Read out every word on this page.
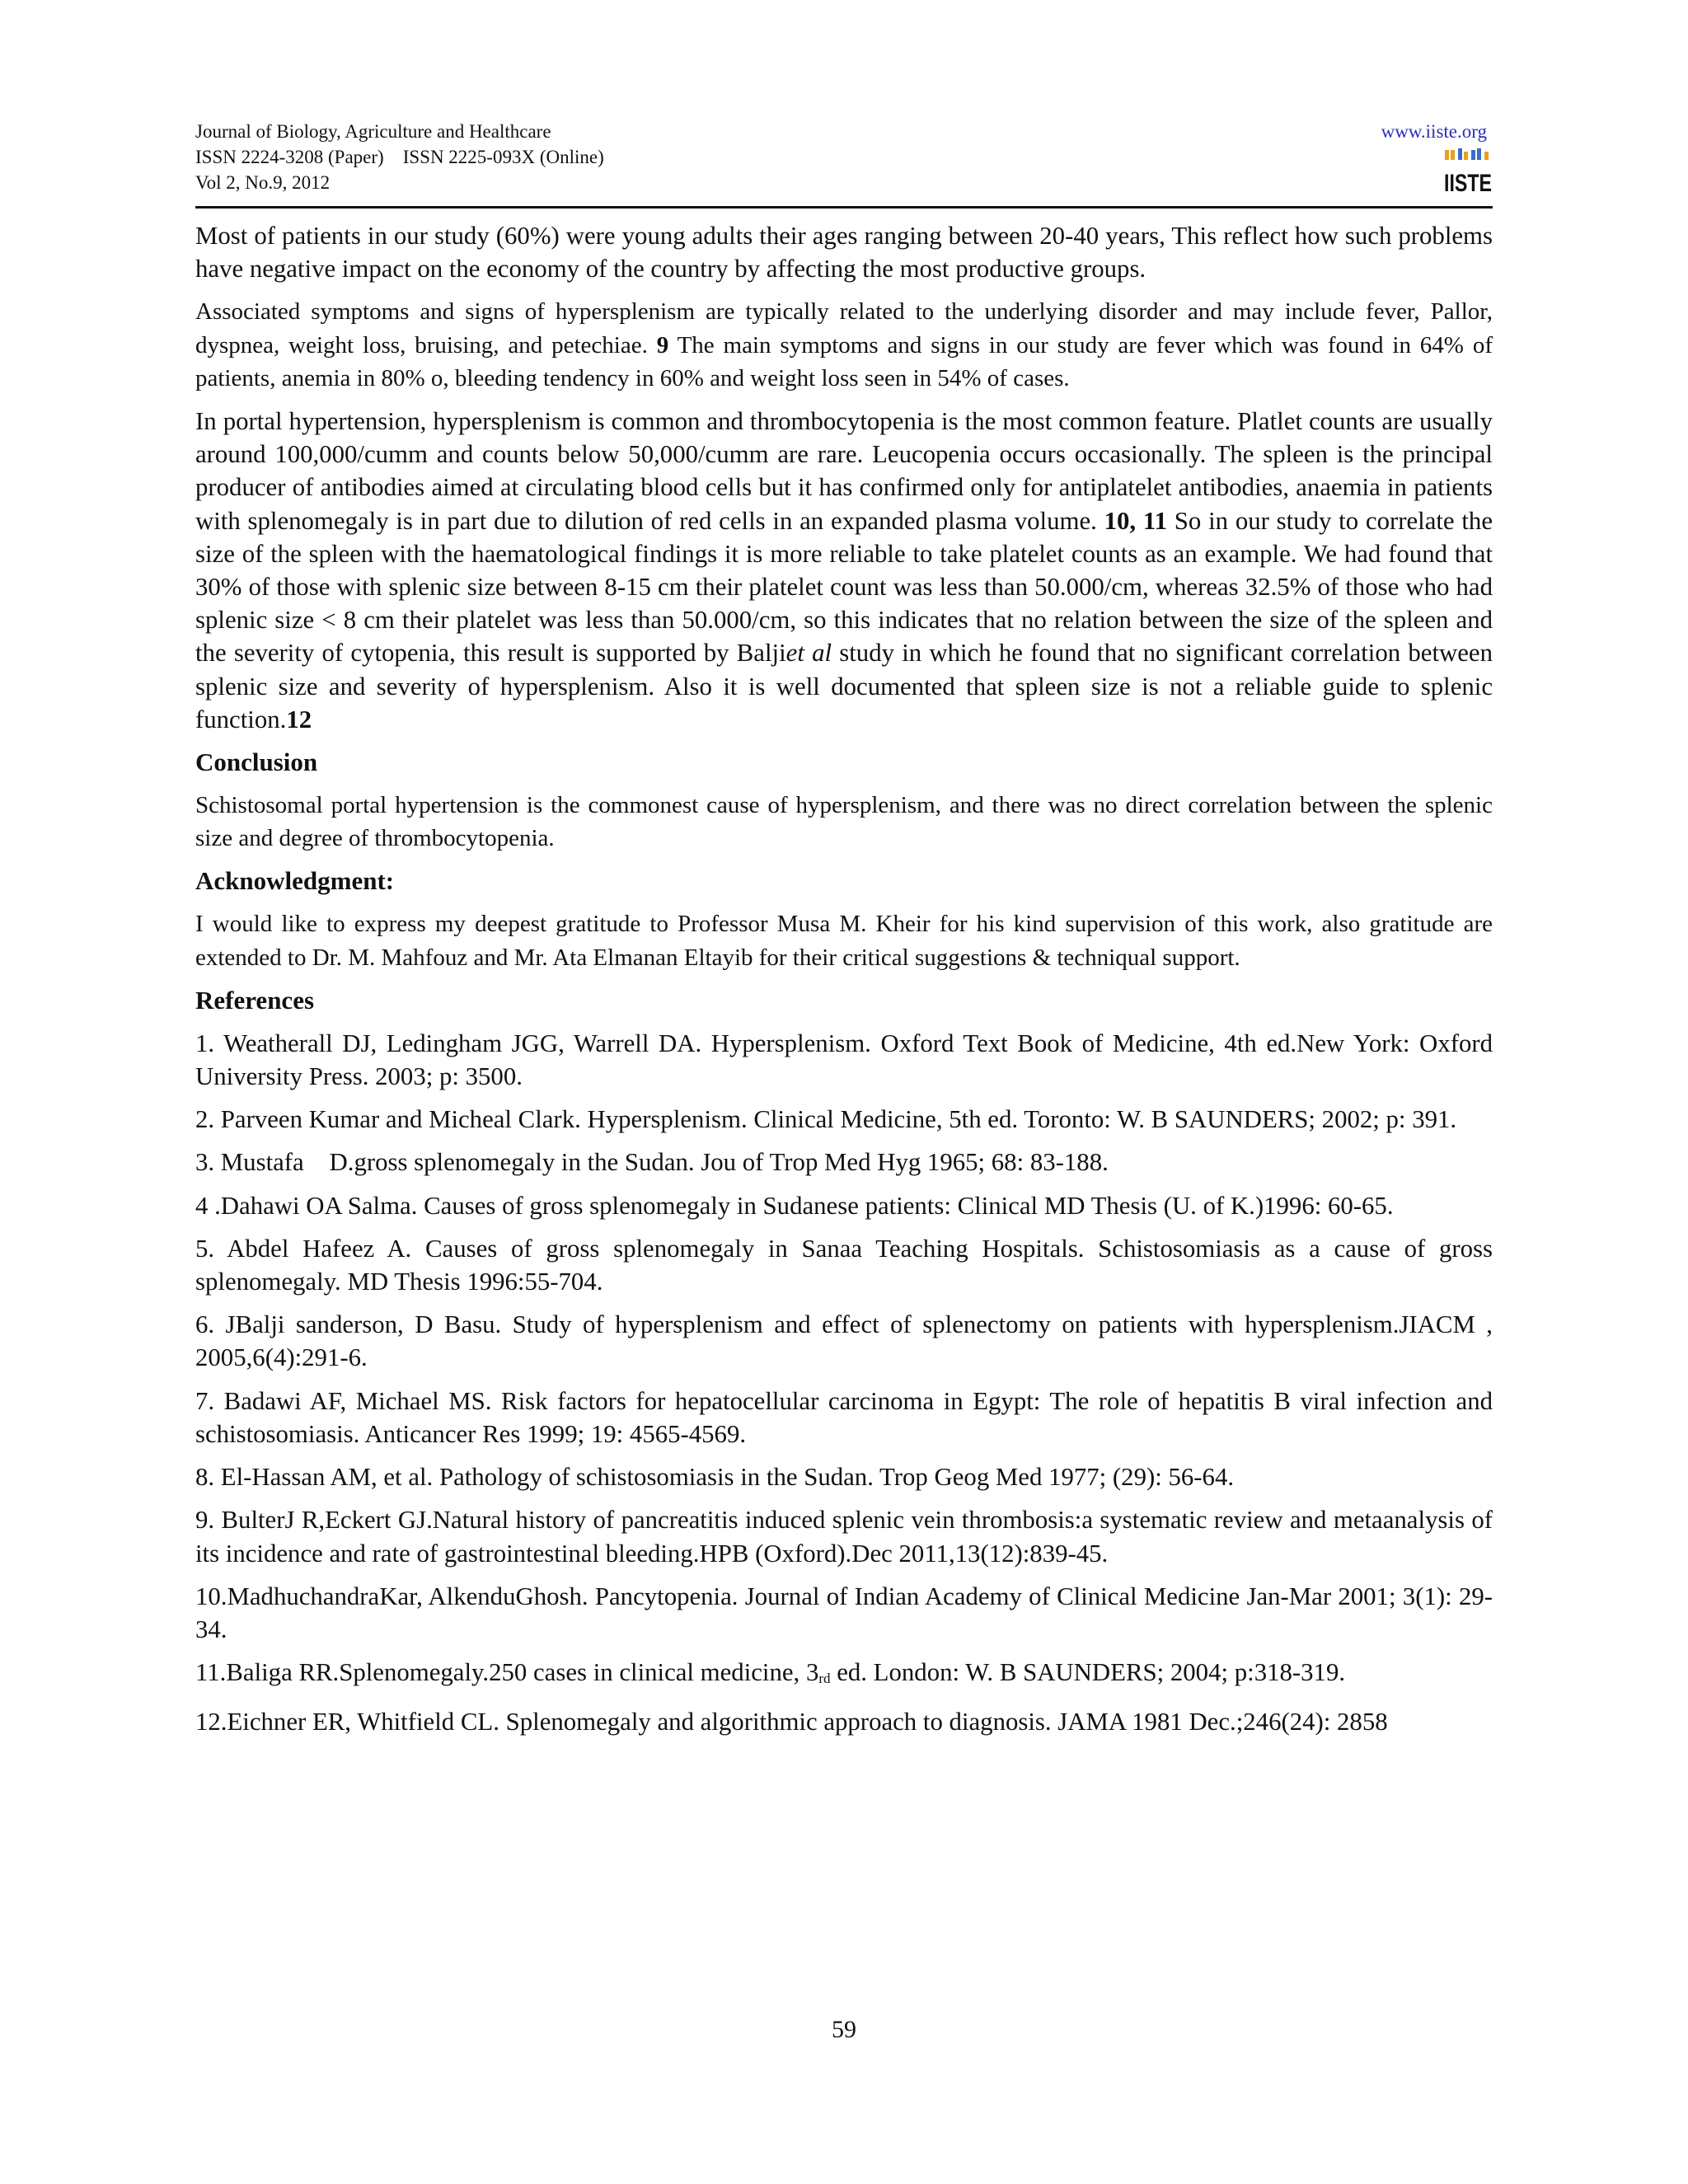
Journal of Biology, Agriculture and Healthcare
ISSN 2224-3208 (Paper)    ISSN 2225-093X (Online)
Vol 2, No.9, 2012
www.iiste.org
IISTE

Most of patients in our study (60%) were young adults their ages ranging between 20-40 years, This reflect how such problems have negative impact on the economy of the country by affecting the most productive groups.

Associated symptoms and signs of hypersplenism are typically related to the underlying disorder and may include fever, Pallor, dyspnea, weight loss, bruising, and petechiae. 9 The main symptoms and signs in our study are fever which was found in 64% of patients, anemia in 80% o, bleeding tendency in 60% and weight loss seen in 54% of cases.

In portal hypertension, hypersplenism is common and thrombocytopenia is the most common feature. Platlet counts are usually around 100,000/cumm and counts below 50,000/cumm are rare. Leucopenia occurs occasionally. The spleen is the principal producer of antibodies aimed at circulating blood cells but it has confirmed only for antiplatelet antibodies, anaemia in patients with splenomegaly is in part due to dilution of red cells in an expanded plasma volume. 10, 11 So in our study to correlate the size of the spleen with the haematological findings it is more reliable to take platelet counts as an example. We had found that 30% of those with splenic size between 8-15 cm their platelet count was less than 50.000/cm, whereas 32.5% of those who had splenic size < 8 cm their platelet was less than 50.000/cm, so this indicates that no relation between the size of the spleen and the severity of cytopenia, this result is supported by Baljiet al study in which he found that no significant correlation between splenic size and severity of hypersplenism. Also it is well documented that spleen size is not a reliable guide to splenic function.12

Conclusion

Schistosomal portal hypertension is the commonest cause of hypersplenism, and there was no direct correlation between the splenic size and degree of thrombocytopenia.

Acknowledgment:

I would like to express my deepest gratitude to Professor Musa M. Kheir for his kind supervision of this work, also gratitude are extended to Dr. M. Mahfouz and Mr. Ata Elmanan Eltayib for their critical suggestions & techniqual support.

References

1. Weatherall DJ, Ledingham JGG, Warrell DA. Hypersplenism. Oxford Text Book of Medicine, 4th ed.New York: Oxford University Press. 2003; p: 3500.

2. Parveen Kumar and Micheal Clark. Hypersplenism. Clinical Medicine, 5th ed. Toronto: W. B SAUNDERS; 2002; p: 391.

3. Mustafa    D.gross splenomegaly in the Sudan. Jou of Trop Med Hyg 1965; 68: 83-188.

4 .Dahawi OA Salma. Causes of gross splenomegaly in Sudanese patients: Clinical MD Thesis (U. of K.)1996: 60-65.

5. Abdel Hafeez A. Causes of gross splenomegaly in Sanaa Teaching Hospitals. Schistosomiasis as a cause of gross splenomegaly. MD Thesis 1996:55-704.

6. JBalji sanderson, D Basu. Study of hypersplenism and effect of splenectomy on patients with hypersplenism.JIACM , 2005,6(4):291-6.

7. Badawi AF, Michael MS. Risk factors for hepatocellular carcinoma in Egypt: The role of hepatitis B viral infection and schistosomiasis. Anticancer Res 1999; 19: 4565-4569.

8. El-Hassan AM, et al. Pathology of schistosomiasis in the Sudan. Trop Geog Med 1977; (29): 56-64.

9. BulterJ R,Eckert GJ.Natural history of pancreatitis induced splenic vein thrombosis:a systematic review and metaanalysis of its incidence and rate of gastrointestinal bleeding.HPB (Oxford).Dec 2011,13(12):839-45.

10.MadhuchandraKar, AlkenduGhosh. Pancytopenia. Journal of Indian Academy of Clinical Medicine Jan-Mar 2001; 3(1): 29-34.

11.Baliga RR.Splenomegaly.250 cases in clinical medicine, $3_{rd}$ ed. London: W. B SAUNDERS; 2004; p:318-319.

12.Eichner ER, Whitfield CL. Splenomegaly and algorithmic approach to diagnosis. JAMA 1981 Dec.;246(24): 2858

59
